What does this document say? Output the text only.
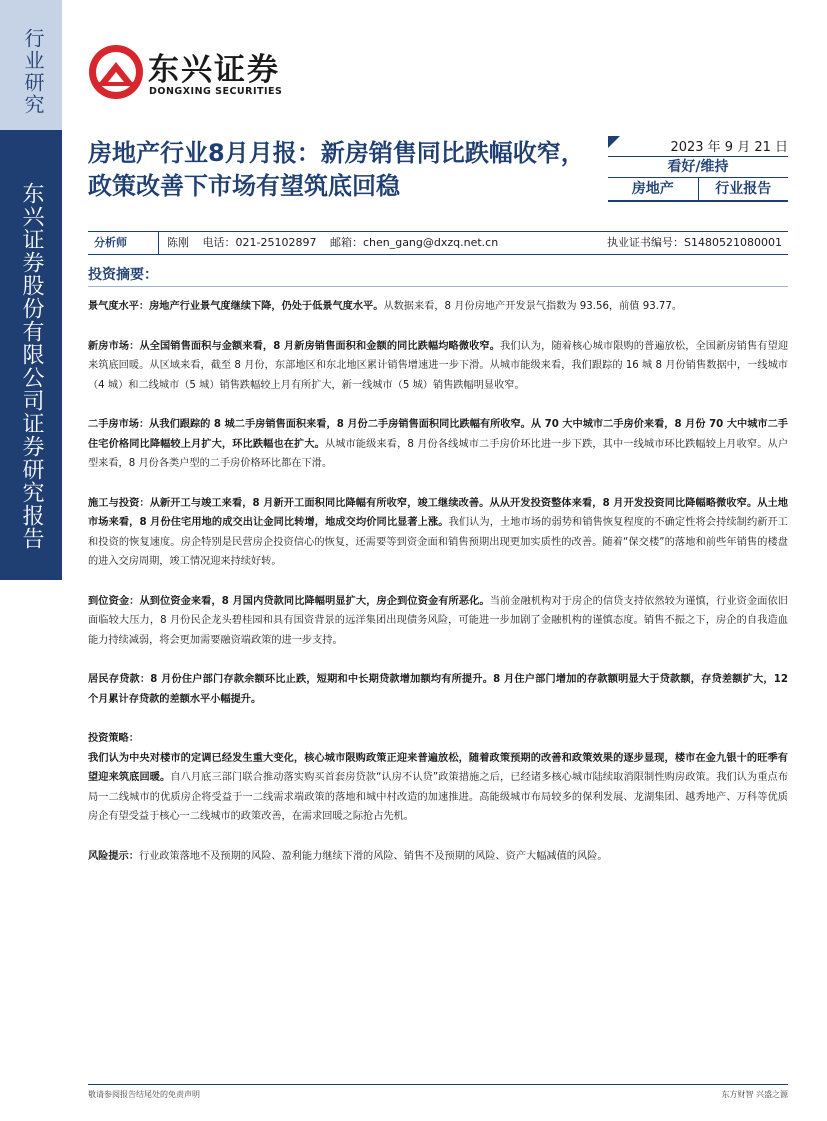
行业研究
东兴证券股份有限公司证券研究报告
东兴证券
DONGXING SECURITIES
房地产行业8月月报：新房销售同比跌幅收窄，政策改善下市场有望筑底回稳
2023 年 9 月 21 日
看好/维持
房地产	行业报告
分析师	陈刚 电话：021-25102897 邮箱：chen_gang@dxzq.net.cn	执业证书编号：S1480521080001
投资摘要：

景气度水平：房地产行业景气度继续下降，仍处于低景气度水平。从数据来看，8 月份房地产开发景气指数为 93.56，前值 93.77。

新房市场：从全国销售面积与金额来看，8 月新房销售面积和金额的同比跌幅均略微收窄。我们认为，随着核心城市限购的普遍放松，全国新房销售有望迎来筑底回暖。从区域来看，截至 8 月份，东部地区和东北地区累计销售增速进一步下滑。从城市能级来看，我们跟踪的 16 城 8 月份销售数据中，一线城市（4 城）和二线城市（5 城）销售跌幅较上月有所扩大，新一线城市（5 城）销售跌幅明显收窄。

二手房市场：从我们跟踪的 8 城二手房销售面积来看，8 月份二手房销售面积同比跌幅有所收窄。从 70 大中城市二手房价来看，8 月份 70 大中城市二手住宅价格同比降幅较上月扩大，环比跌幅也在扩大。从城市能级来看，8 月份各线城市二手房价环比进一步下跌，其中一线城市环比跌幅较上月收窄。从户型来看，8 月份各类户型的二手房价格环比都在下滑。

施工与投资：从新开工与竣工来看，8 月新开工面积同比降幅有所收窄，竣工继续改善。从从开发投资整体来看，8 月开发投资同比降幅略微收窄。从土地市场来看，8 月份住宅用地的成交出让金同比转增，地成交均价同比显著上涨。我们认为，土地市场的弱势和销售恢复程度的不确定性将会持续制约新开工和投资的恢复速度。房企特别是民营房企投资信心的恢复，还需要等到资金面和销售预期出现更加实质性的改善。随着“保交楼”的落地和前些年销售的楼盘的进入交房周期，竣工情况迎来持续好转。

到位资金：从到位资金来看，8 月国内贷款同比降幅明显扩大，房企到位资金有所恶化。当前金融机构对于房企的信贷支持依然较为谨慎，行业资金面依旧面临较大压力，8 月份民企龙头碧桂园和具有国资背景的远洋集团出现债务风险，可能进一步加剧了金融机构的谨慎态度。销售不振之下，房企的自我造血能力持续减弱，将会更加需要融资端政策的进一步支持。

居民存贷款：8 月份住户部门存款余额环比止跌，短期和中长期贷款增加额均有所提升。8 月住户部门增加的存款额明显大于贷款额，存贷差额扩大，12 个月累计存贷款的差额水平小幅提升。

投资策略：

我们认为中央对楼市的定调已经发生重大变化，核心城市限购政策正迎来普遍放松，随着政策预期的改善和政策效果的逐步显现，楼市在金九银十的旺季有望迎来筑底回暖。自八月底三部门联合推动落实购买首套房贷款“认房不认贷”政策措施之后，已经诸多核心城市陆续取消限制性购房政策。我们认为重点布局一二线城市的优质房企将受益于一二线需求端政策的落地和城中村改造的加速推进。高能级城市布局较多的保利发展、龙湖集团、越秀地产、万科等优质房企有望受益于核心一二线城市的政策改善，在需求回暖之际抢占先机。

风险提示：行业政策落地不及预期的风险、盈利能力继续下滑的风险、销售不及预期的风险、资产大幅减值的风险。

敬请参阅报告结尾处的免责声明	东方财智 兴盛之源
